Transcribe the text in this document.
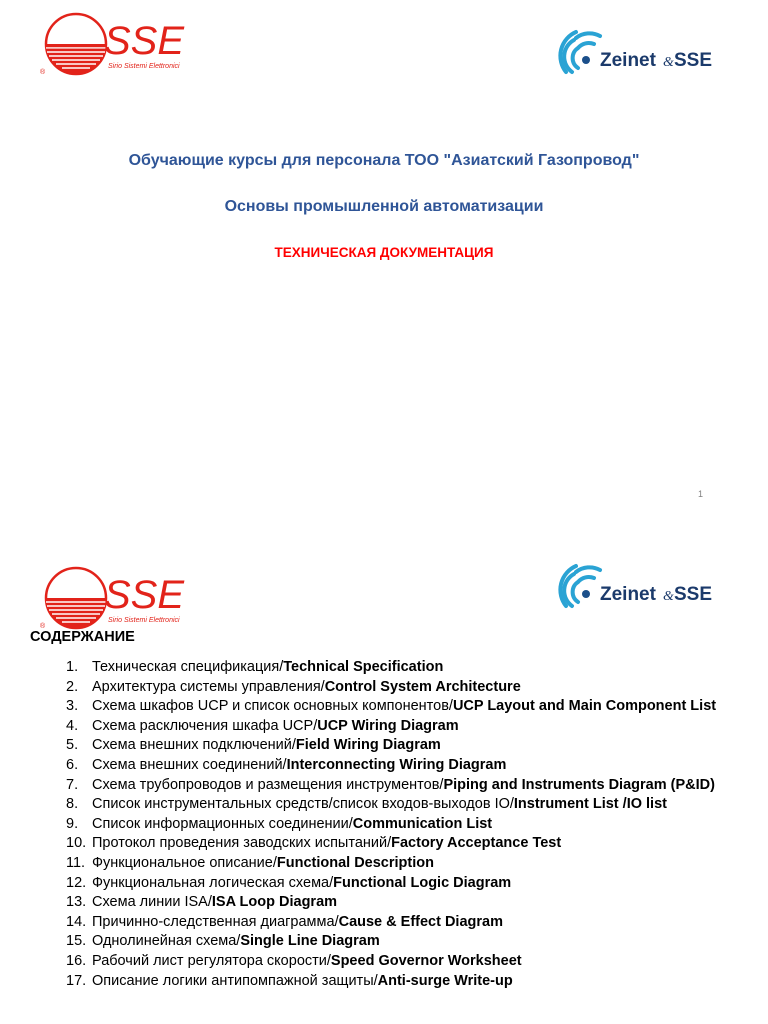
SSE
Sirio Sistemi Elettronici
®
Zeinet & SSE
Обучающие курсы для персонала ТОО "Азиатский Газопровод"
Основы промышленной автоматизации
ТЕХНИЧЕСКАЯ ДОКУМЕНТАЦИЯ
1
SSE
Sirio Sistemi Elettronici
®
Zeinet & SSE
СОДЕРЖАНИЕ
1. Техническая спецификация/Technical Specification
2. Архитектура системы управления/Control System Architecture
3. Схема шкафов UCP и список основных компонентов/UCP Layout and Main Component List
4. Схема расключения шкафа UCP/UCP Wiring Diagram
5. Схема внешних подключений/Field Wiring Diagram
6. Схема внешних соединений/Interconnecting Wiring Diagram
7. Схема трубопроводов и размещения инструментов/Piping and Instruments Diagram (P&ID)
8. Список инструментальных средств/список входов-выходов IO/Instrument List /IO list
9. Список информационных соединении/Communication List
10. Протокол проведения заводских испытаний/Factory Acceptance Test
11. Функциональное описание/Functional Description
12. Функциональная логическая схема/Functional Logic Diagram
13. Схема линии ISA/ISA Loop Diagram
14. Причинно-следственная диаграмма/Cause & Effect Diagram
15. Однолинейная схема/Single Line Diagram
16. Рабочий лист регулятора скорости/Speed Governor Worksheet
17. Описание логики антипомпажной защиты/Anti-surge Write-up
